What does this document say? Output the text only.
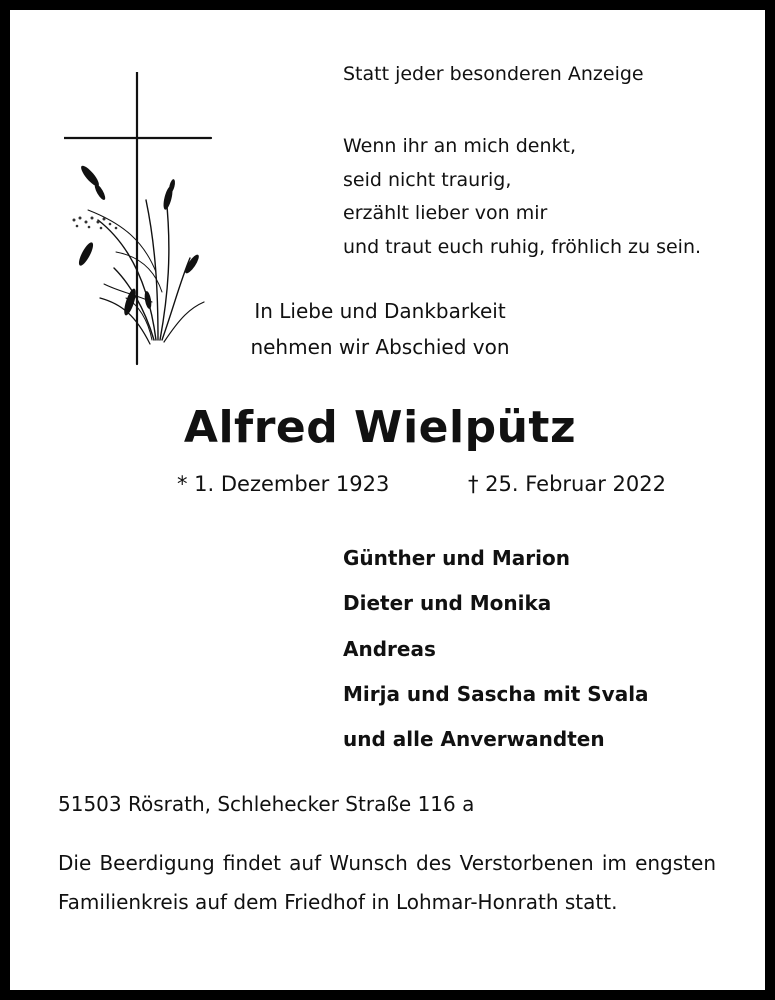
Statt jeder besonderen Anzeige
Wenn ihr an mich denkt,
seid nicht traurig,
erzählt lieber von mir
und traut euch ruhig, fröhlich zu sein.
In Liebe und Dankbarkeit
nehmen wir Abschied von
Alfred Wielpütz
* 1. Dezember 1923	† 25. Februar 2022
Günther und Marion
Dieter und Monika
Andreas
Mirja und Sascha mit Svala
und alle Anverwandten
51503 Rösrath, Schlehecker Straße 116 a
Die Beerdigung findet auf Wunsch des Verstorbenen im engsten Familienkreis auf dem Friedhof in Lohmar-Honrath statt.
